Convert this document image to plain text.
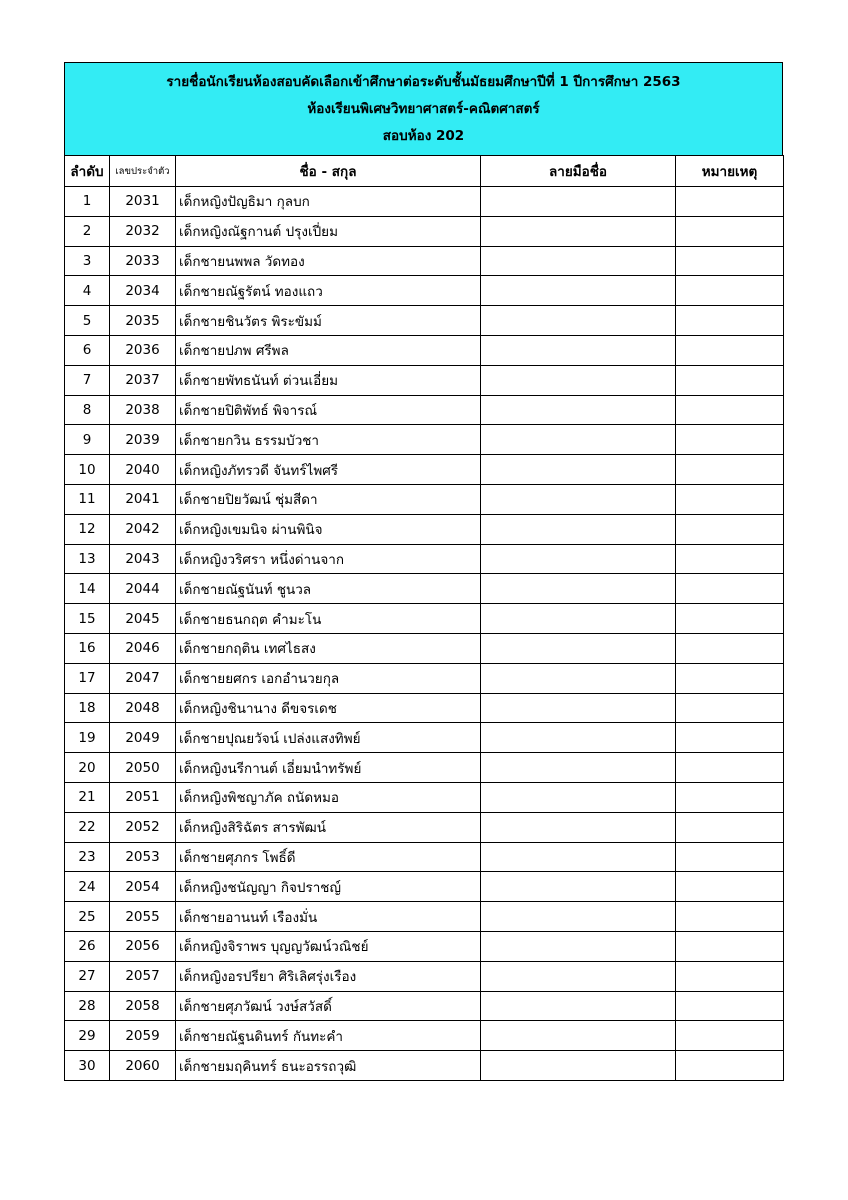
รายชื่อนักเรียนห้องสอบคัดเลือกเข้าศึกษาต่อระดับชั้นมัธยมศึกษาปีที่ 1 ปีการศึกษา 2563
ห้องเรียนพิเศษวิทยาศาสตร์-คณิตศาสตร์
สอบห้อง 202
ลำดับ	เลขประจำตัว	ชื่อ - สกุล	ลายมือชื่อ	หมายเหตุ
1	2031	เด็กหญิงปัญธิมา กุลบก		
2	2032	เด็กหญิงณัฐกานต์ ปรุงเปี่ยม		
3	2033	เด็กชายนพพล วัดทอง		
4	2034	เด็กชายณัฐรัตน์ ทองแถว		
5	2035	เด็กชายชินวัตร พิระขัมม์		
6	2036	เด็กชายปภพ ศรีพล		
7	2037	เด็กชายพัทธนันท์ ต่วนเอี่ยม		
8	2038	เด็กชายปิติพัทธ์ พิจารณ์		
9	2039	เด็กชายกวิน ธรรมบัวชา		
10	2040	เด็กหญิงภัทรวดี จันทร์ไพศรี		
11	2041	เด็กชายปิยวัฒน์ ชุ่มสีดา		
12	2042	เด็กหญิงเขมนิจ ผ่านพินิจ		
13	2043	เด็กหญิงวริศรา หนึ่งด่านจาก		
14	2044	เด็กชายณัฐนันท์ ชูนวล		
15	2045	เด็กชายธนกฤต คำมะโน		
16	2046	เด็กชายกฤติน เทศไธสง		
17	2047	เด็กชายยศกร เอกอำนวยกุล		
18	2048	เด็กหญิงชินานาง ดีขจรเดช		
19	2049	เด็กชายปุณยวัจน์ เปล่งแสงทิพย์		
20	2050	เด็กหญิงนรีกานต์ เอี่ยมนำทรัพย์		
21	2051	เด็กหญิงพิชญาภัค ถนัดหมอ		
22	2052	เด็กหญิงสิริฉัตร สารพัฒน์		
23	2053	เด็กชายศุภกร โพธิ์ดี		
24	2054	เด็กหญิงชนัญญา กิจปราชญ์		
25	2055	เด็กชายอานนท์ เรืองมั่น		
26	2056	เด็กหญิงจิราพร บุญญวัฒน์วณิชย์		
27	2057	เด็กหญิงอรปรียา ศิริเลิศรุ่งเรือง		
28	2058	เด็กชายศุภวัฒน์ วงษ์สวัสดิ์		
29	2059	เด็กชายณัฐนดินทร์ กันทะคำ		
30	2060	เด็กชายมฤคินทร์ ธนะอรรถวุฒิ		
